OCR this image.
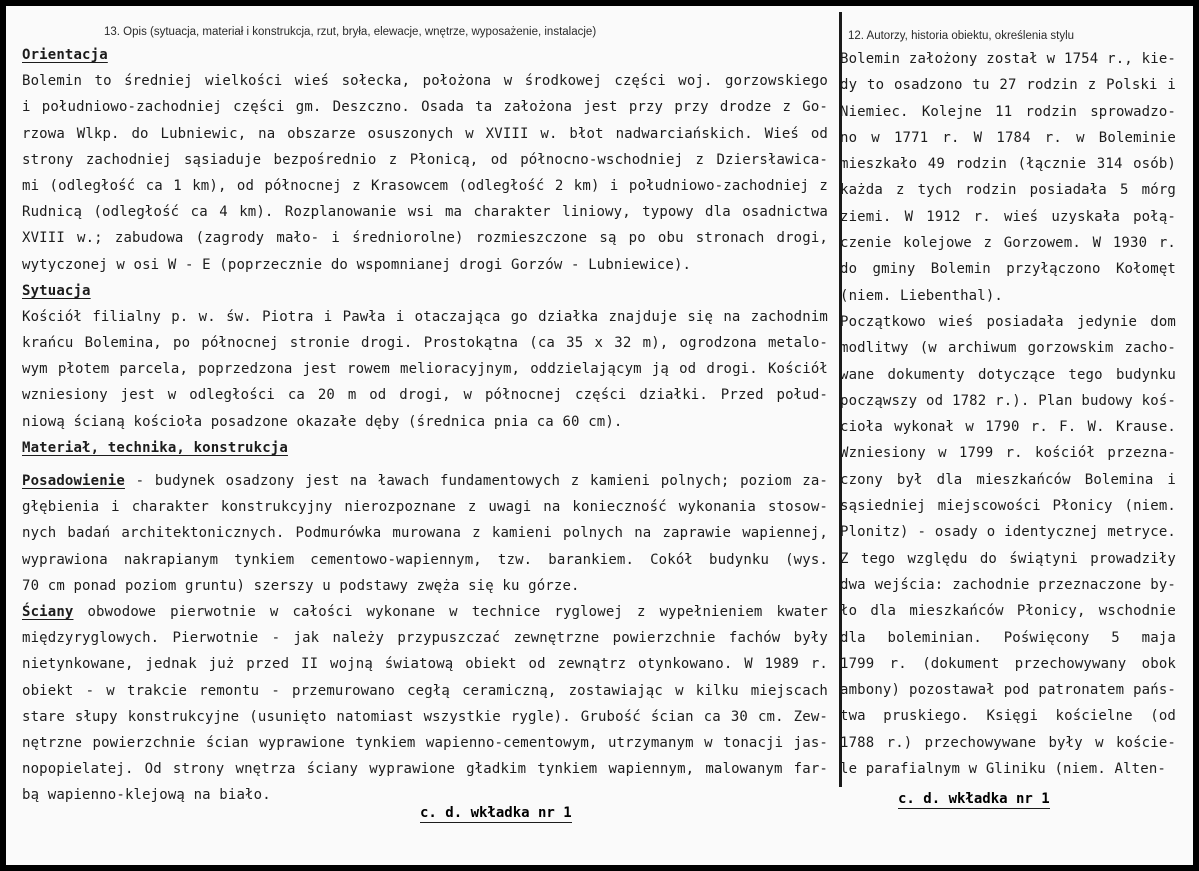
13. Opis (sytuacja, materiał i konstrukcja, rzut, bryła, elewacje, wnętrze, wyposażenie, instalacje)
Orientacja
Bolemin to średniej wielkości wieś sołecka, położona w środkowej części woj. gorzowskiego
i południowo-zachodniej części gm. Deszczno. Osada ta założona jest przy przy drodze z Go-
rzowa Wlkp. do Lubniewic, na obszarze osuszonych w XVIII w. błot nadwarciańskich. Wieś od
strony zachodniej sąsiaduje bezpośrednio z Płonicą, od północno-wschodniej z Dziersławica-
mi (odległość ca 1 km), od północnej z Krasowcem (odległość 2 km) i południowo-zachodniej z
Rudnicą (odległość ca 4 km). Rozplanowanie wsi ma charakter liniowy, typowy dla osadnictwa
XVIII w.; zabudowa (zagrody mało- i średniorolne) rozmieszczone są po obu stronach drogi,
wytyczonej w osi W - E (poprzecznie do wspomnianej drogi Gorzów - Lubniewice).
Sytuacja
Kościół filialny p. w. św. Piotra i Pawła i otaczająca go działka znajduje się na zachodnim
krańcu Bolemina, po północnej stronie drogi. Prostokątna (ca 35 x 32 m), ogrodzona metalo-
wym płotem parcela, poprzedzona jest rowem melioracyjnym, oddzielającym ją od drogi. Kościół
wzniesiony jest w odległości ca 20 m od drogi, w północnej części działki. Przed połud-
niową ścianą kościoła posadzone okazałe dęby (średnica pnia ca 60 cm).
Materiał, technika, konstrukcja
Posadowienie - budynek osadzony jest na ławach fundamentowych z kamieni polnych; poziom za-
głębienia i charakter konstrukcyjny nierozpoznane z uwagi na konieczność wykonania stosow-
nych badań architektonicznych. Podmurówka murowana z kamieni polnych na zaprawie wapiennej,
wyprawiona nakrapianym tynkiem cementowo-wapiennym, tzw. barankiem. Cokół budynku (wys.
70 cm ponad poziom gruntu) szerszy u podstawy zwęża się ku górze.
Ściany obwodowe pierwotnie w całości wykonane w technice ryglowej z wypełnieniem kwater
międzyryglowych. Pierwotnie - jak należy przypuszczać zewnętrzne powierzchnie fachów były
nietynkowane, jednak już przed II wojną światową obiekt od zewnątrz otynkowano. W 1989 r.
obiekt - w trakcie remontu - przemurowano cegłą ceramiczną, zostawiając w kilku miejscach
stare słupy konstrukcyjne (usunięto natomiast wszystkie rygle). Grubość ścian ca 30 cm. Zew-
nętrzne powierzchnie ścian wyprawione tynkiem wapienno-cementowym, utrzymanym w tonacji jas-
nopopielatej. Od strony wnętrza ściany wyprawione gładkim tynkiem wapiennym, malowanym far-
bą wapienno-klejową na biało.
c. d. wkładka nr 1
12. Autorzy, historia obiektu, określenia stylu
Bolemin założony został w 1754 r., kie-
dy to osadzono tu 27 rodzin z Polski i
Niemiec. Kolejne 11 rodzin sprowadzo-
no w 1771 r. W 1784 r. w Boleminie
mieszkało 49 rodzin (łącznie 314 osób)
każda z tych rodzin posiadała 5 mórg
ziemi. W 1912 r. wieś uzyskała połą-
czenie kolejowe z Gorzowem. W 1930 r.
do gminy Bolemin przyłączono Kołomęt
(niem. Liebenthal).
Początkowo wieś posiadała jedynie dom
modlitwy (w archiwum gorzowskim zacho-
wane dokumenty dotyczące tego budynku
począwszy od 1782 r.). Plan budowy koś-
cioła wykonał w 1790 r. F. W. Krause.
Wzniesiony w 1799 r. kościół przezna-
czony był dla mieszkańców Bolemina i
sąsiedniej miejscowości Płonicy (niem.
Plonitz) - osady o identycznej metryce.
Z tego względu do świątyni prowadziły
dwa wejścia: zachodnie przeznaczone by-
ło dla mieszkańców Płonicy, wschodnie
dla boleminian. Poświęcony 5 maja
1799 r. (dokument przechowywany obok
ambony) pozostawał pod patronatem pańs-
twa pruskiego. Księgi kościelne (od
1788 r.) przechowywane były w koście-
le parafialnym w Gliniku (niem. Alten-
c. d. wkładka nr 1
